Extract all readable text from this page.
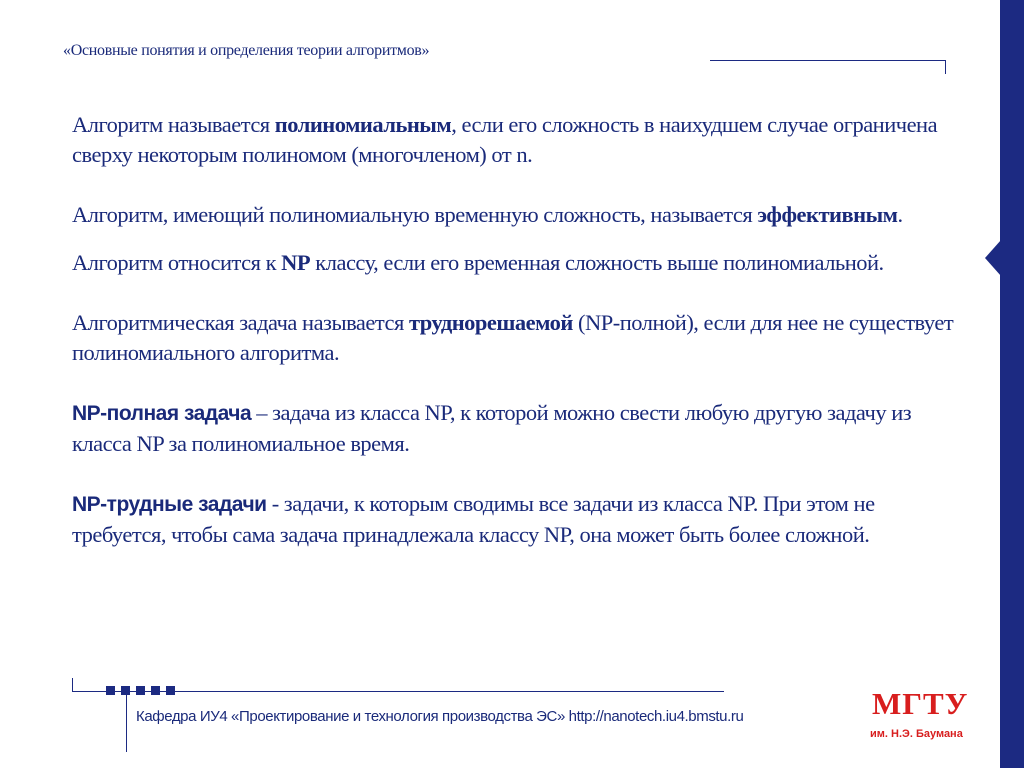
«Основные понятия и определения теории алгоритмов»

Алгоритм называется полиномиальным, если его сложность в наихудшем случае ограничена сверху некоторым полиномом (многочленом) от n.

Алгоритм, имеющий полиномиальную временную сложность, называется эффективным.

Алгоритм относится к NP классу, если его временная сложность выше полиномиальной.

Алгоритмическая задача называется труднорешаемой (NP-полной), если для нее не существует полиномиального алгоритма.

NP-полная задача – задача из класса NP, к которой можно свести любую другую задачу из класса NP за полиномиальное время.

NP-трудные задачи - задачи, к которым сводимы все задачи из класса NP. При этом не требуется, чтобы сама задача принадлежала классу NP, она может быть более сложной.

Кафедра ИУ4 «Проектирование и технология производства ЭС» http://nanotech.iu4.bmstu.ru	МГТУ
им. Н.Э. Баумана
